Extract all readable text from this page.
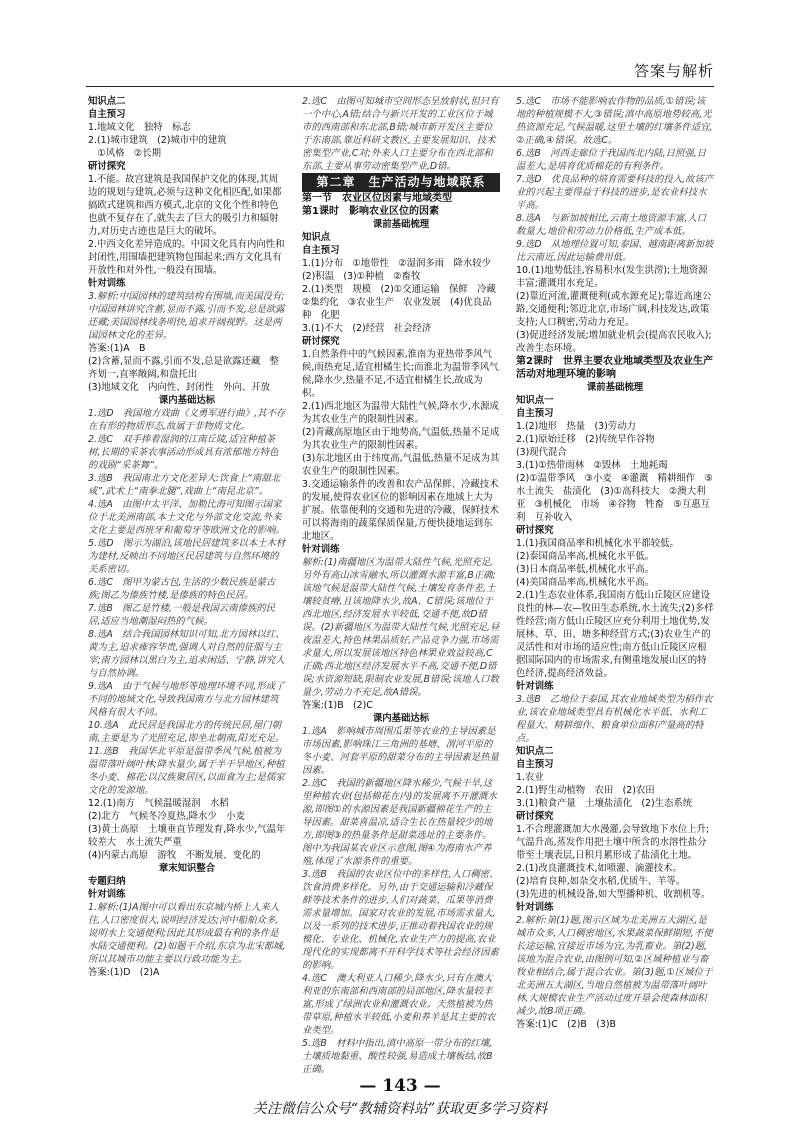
答案与解析

知识点二

自主预习

1.地域文化　独特　标志

2.(1)城市建筑　(2)城市中的建筑

　①风格　②长期

研讨探究

1.不能。故宫建筑是我国保护文化的体现,其周边的规划与建筑,必须与这种文化相匹配,如果都搞欧式建筑和西方模式,北京的文化个性和特色也就不复存在了,就失去了巨大的吸引力和辐射力,对历史古迹也是巨大的破坏。

2.中西文化差异造成的。中国文化具有内向性和封闭性,用围墙把建筑物包围起来;西方文化具有开放性和对外性,一般没有围墙。

针对训练

3.解析:中国园林的建筑结构有围墙,而美国没有;中国园林讲究含蓄,显而不露,引而不发,总是欲露还藏;美国园林线条明快,追求开阔视野。这是两国园林文化的差异。

答案:(1)A　B

(2)含蓄,显而不露,引而不发,总是欲露还藏　整齐划一,直率敞阔,和盘托出

(3)地域文化　内向性、封闭性　外向、开放

课内基础达标

1.选D　我国地方戏曲《义勇军进行曲》,其不存在有形的物质形态,故属于非物质文化。

2.选C　双手捧着湿润的江南丘陵,适宜种植茶树,长期的采茶农事活动形成具有浓郁地方特色的戏剧“采茶舞”。

3.选B　我国南北方文化差异大:饮食上“南甜北咸”,武术上“南拳北腿”,戏曲上“南昆北京”。

4.选A　由图中太平洋、加勒比海可知图示国家位于北美洲南部,本土文化与外部文化交流,外来文化主要是西班牙和葡萄牙等欧洲文化的影响。

5.选D　图示为湖泊,该地民居建筑多以本土木材为建材,反映出不同地区民居建筑与自然环境的关系密切。

6.选C　图甲为蒙古包,生活的少数民族是蒙古族;图乙为傣族竹楼,是傣族的特色民居。

7.选B　图乙是竹楼,一般是我国云南傣族的民居,适应当地潮湿闷热的气候。

8.选A　结合我国园林知识可知,北方园林以红、黄为主,追求雍容华贵,强调人对自然的征服与主宰;南方园林以黑白为主,追求闲适、宁静,讲究人与自然协调。

9.选A　由于气候与地形等地理环境不同,形成了不同的地域文化,导致我国南方与北方园林建筑风格有很大不同。

10.选A　此民居是我国北方的传统民居,屋门朝南,主要是为了光照充足,即坐北朝南,阳光充足。

11.选B　我国华北平原是温带季风气候,植被为温带落叶阔叶林;降水量少,属于半干旱地区,种植冬小麦、棉花;以汉族聚居区,以面食为主;是儒家文化的发源地。

12.(1)南方　气候温暖湿润　水稻

(2)北方　气候冬冷夏热,降水少　小麦

(3)黄土高原　土壤垂直节理发育,降水少,气温年较差大　水土流失严重

(4)内蒙古高原　游牧　不断发展、变化的

章末知识整合

专题归纳

针对训练

1.解析:(1)A图中可以看出东京城内桥上人来人往,人口密度很大,说明经济发达;河中船舶众多,说明水上交通便利;因此其形成最有利的条件是水陆交通便利。(2)如题干介绍,东京为北宋都城,所以其城市功能主要以行政功能为主。

答案:(1)D　(2)A

2.选C　由图可知城市空间形态呈放射状,但只有一个中心,A错;结合与新兴开发的工业区位于城市的西南部和东北部,B错;城市新开发区主要位于东南部,靠近科研文教区,主要发展知识、技术密集型产业,C对;外来人口主要分布在西北部和东部,主要从事劳动密集型产业,D错。

第二章　生产活动与地域联系

第一节　农业区位因素与地域类型

第1课时　影响农业区位的因素

课前基础梳理

知识点

自主预习

1.(1)分布　①地带性　②湿润多雨　降水较少　(2)积温　(3)①种植　②畜牧

2.(1)类型　规模　(2)①交通运输　保鲜　冷藏　②集约化　③农业生产　农业发展　(4)优良品种　化肥

3.(1)不大　(2)经营　社会经济

研讨探究

1.自然条件中的气候因素,淮南为亚热带季风气候,雨热充足,适宜柑橘生长;而淮北为温带季风气候,降水少,热量不足,不适宜柑橘生长,故成为枳。

2.(1)西北地区为温带大陆性气候,降水少,水源成为其农业生产的限制性因素。

(2)青藏高原地区由于地势高,气温低,热量不足成为其农业生产的限制性因素。

(3)东北地区由于纬度高,气温低,热量不足成为其农业生产的限制性因素。

3.交通运输条件的改善和农产品保鲜、冷藏技术的发展,使得农业区位的影响因素在地域上大为扩展。依靠便利的交通和先进的冷藏、保鲜技术可以将海南的蔬菜保质保量,方便快捷地运到东北地区。

针对训练

解析:(1)南疆地区为温带大陆性气候,光照充足,另外有高山冰雪融水,所以灌溉水源丰富,B正确;该地气候是温带大陆性气候,土壤发育条件差,土壤较贫瘠,且该地降水少,故A、C错误;该地位于西北地区,经济发展水平较低,交通不便,故D错误。(2)新疆地区为温带大陆性气候,光照充足,昼夜温差大,特色林果品质好,产品竞争力强,市场需求量大,所以发展该地区特色林果业效益较高,C正确;西北地区经济发展水平不高,交通不便,D错误;水资源短缺,限制农业发展,B错误;该地人口数量少,劳动力不充足,故A错误。

答案:(1)B　(2)C

课内基础达标

1.选A　影响城市周围瓜果等农业的主导因素是市场因素,影响珠江三角洲的基塘、渭河平原的冬小麦、河套平原的甜菜分布的主导因素是热量因素。

2.选C　我国的新疆地区降水稀少,气候干旱,这里种植农业(包括棉花在内)的发展离不开灌溉水源,即图①的水源因素是我国新疆棉花生产的主导因素。甜菜喜温凉,适合生长在热量较少的地方,即图③的热量条件是甜菜选址的主要条件。图中为我国某农业区示意图,图④为海南水产养殖,体现了水源条件的重要。

3.选B　我国的农业区位中的多样性,人口稠密、饮食消费多样化。另外,由于交通运输和冷藏保鲜等技术条件的进步,人们对蔬菜、瓜果等消费需求量增加。国家对农业的发展,市场需求量大,以及一系列的技术进步,正推动着我国农业的规模化、专业化、机械化,农业生产力的提高,农业现代化的实现都离不开科学技术等社会经济因素的影响。

4.选C　澳大利亚人口稀少,降水少,只有在澳大利亚的东南部和西南部的局部地区,降水量较丰富,形成了绿洲农业和灌溉农业。天然植被为热带草原,种植水平较低,小麦和养羊是其主要的农业类型。

5.选B　材料中指出,滇中高原一带分布的红壤,土壤质地黏重、酸性较强,易造成土壤板结,故B正确。

5.选C　市场不能影响农作物的品质,①错误;该地的种植规模不大,③错误;滇中高原地势较高,光热资源充足,气候温暖,这里土壤的红壤条件适宜,②正确,④错误。故选C。

6.选B　河西走廊位于我国西北内陆,日照强,日温差大,是培育优质棉花的有利条件。

7.选D　优良品种的培育需要科技的投入,故该产业的兴起主要得益于科技的进步,是农业科技水平高。

8.选A　与新加坡相比,云南土地资源丰富,人口数量大,地价和劳动力价格低,生产成本低。

9.选D　从地理位置可知,泰国、越南距离新加坡比云南近,因此运输费用低。

10.(1)地势低洼,容易积水(发生洪涝);土地资源丰富;灌溉用水充足。

(2)靠近河流,灌溉便利(或水源充足);靠近高速公路,交通便利;邻近北京,市场广阔,科技发达,政策支持;人口稠密,劳动力充足。

(3)促进经济发展;增加就业机会(提高农民收入);改善生态环境。

第2课时　世界主要农业地域类型及农业生产活动对地理环境的影响

课前基础梳理

知识点一

自主预习

1.(2)地形　热量　(3)劳动力

2.(1)原始迁移　(2)传统旱作谷物

(3)现代混合

3.(1)①热带雨林　②毁林　土地耗竭

(2)①温带季风　③小麦　④灌溉　精耕细作　⑤水土流失　盐渍化　(3)①高科技大　②澳大利亚　③机械化　市场　④谷物　牲畜　⑤互惠互利　互补收入

研讨探究

1.(1)我国商品率和机械化水平都较低。

(2)泰国商品率高,机械化水平低。

(3)日本商品率低,机械化水平高。

(4)美国商品率高,机械化水平高。

2.(1)生态农业体系,我国南方低山丘陵区应建设良性的林—农—牧田生态系统,水土流失;(2)多样性经营;南方低山丘陵区应充分利用土地优势,发展林、草、田、塘多种经营方式;(3)农业生产的灵活性和对市场的适应性;南方低山丘陵区应根据国际国内的市场需求,有侧重地发展山区的特色经济,提高经济效益。

针对训练

3.选B　乙地位于泰国,其农业地域类型为稻作农业,该农业地域类型具有机械化水平低、水利工程量大、精耕细作、粮食单位面积产量高的特点。

知识点二

自主预习

1.农业

2.(1)野生动植物　农田　(2)农田

3.(1)粮食产量　土壤盐渍化　(2)生态系统

研讨探究

1.不合理灌溉加大水漫灌,会导致地下水位上升;气温升高,蒸发作用把土壤中所含的水溶性盐分带至土壤表层,日积月累形成了盐渍化土地。

2.(1)改良灌溉技术,如喷灌、滴灌技术。

(2)培育良种,如杂交水稻,优质牛、羊等。

(3)先进的机械设备,如大型播种机、收割机等。

针对训练

2.解析:第(1)题,图示区域为北美洲五大湖区,是城市众多,人口稠密地区,水果蔬菜保鲜期短,不便长途运输,宜接近市场为宜,为乳畜业。第(2)题,该地为混合农业,由图例可知,②区域种植业与畜牧业相结合,属于混合农业。第(3)题,①区域位于北美洲五大湖区,当地自然植被为温带落叶阔叶林,大规模农业生产活动过度开垦会使森林面积减少,故B项正确。

答案:(1)C　(2)B　(3)B

— 143 —
关注微信公众号“教辅资料站”获取更多学习资料
